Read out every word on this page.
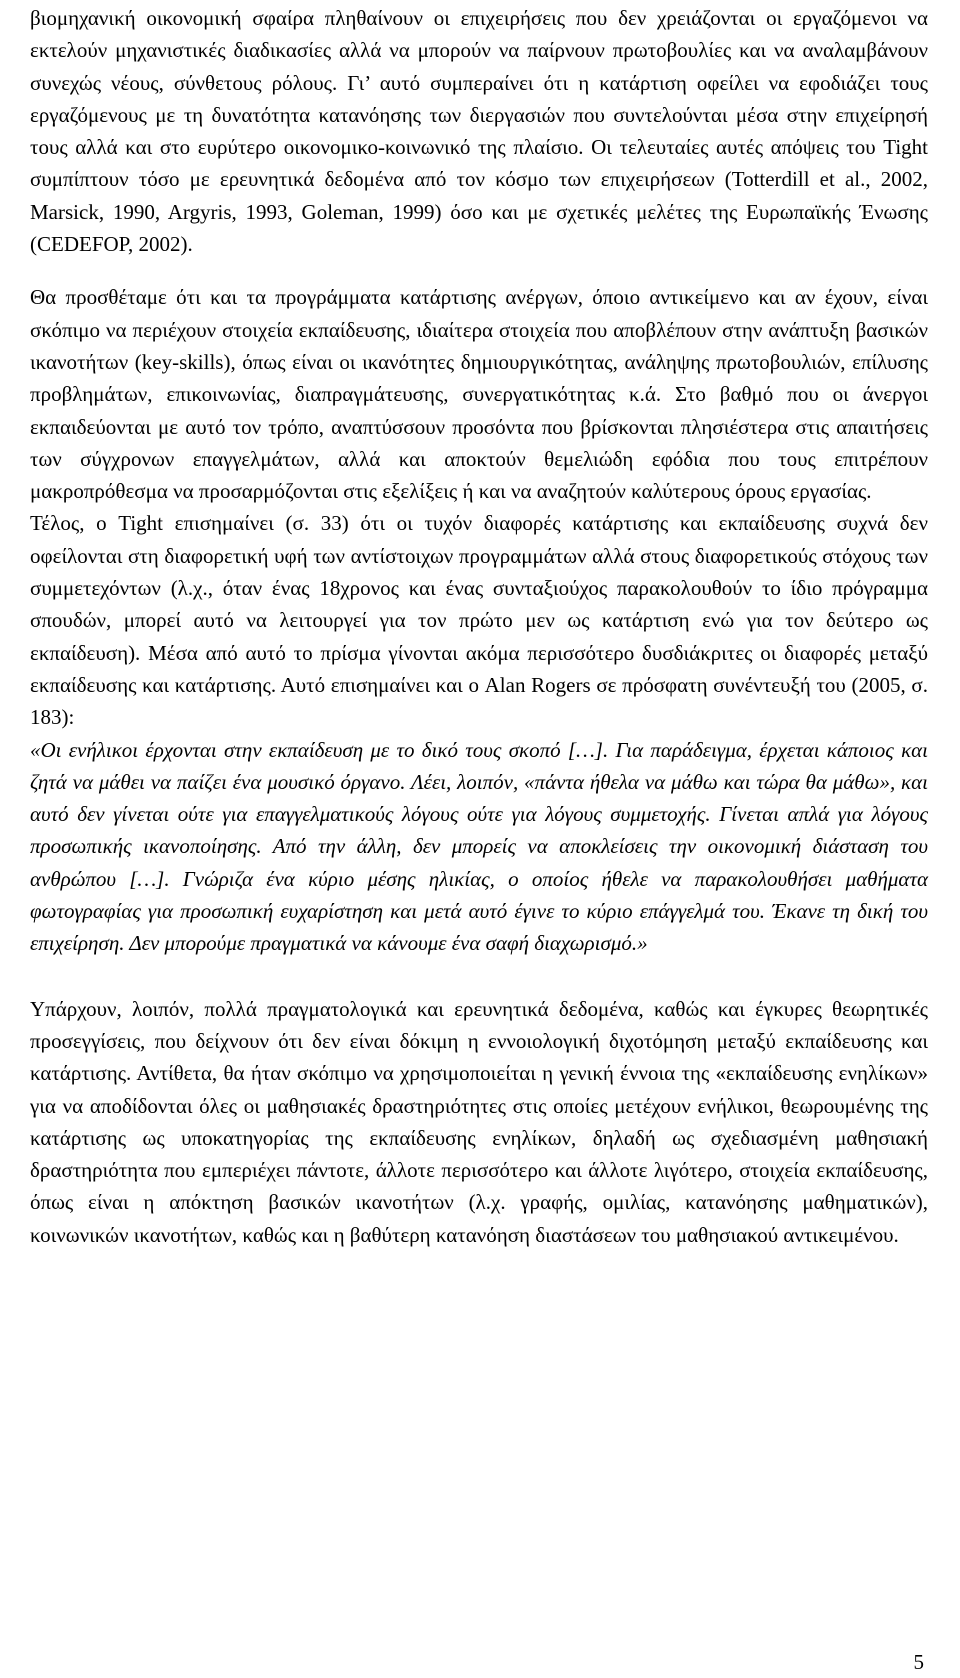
βιομηχανική οικονομική σφαίρα πληθαίνουν οι επιχειρήσεις που δεν χρειάζονται οι εργαζόμενοι να εκτελούν μηχανιστικές διαδικασίες αλλά να μπορούν να παίρνουν πρωτοβουλίες και να αναλαμβάνουν συνεχώς νέους, σύνθετους ρόλους. Γι’ αυτό συμπεραίνει ότι η κατάρτιση οφείλει να εφοδιάζει τους εργαζόμενους με τη δυνατότητα κατανόησης των διεργασιών που συντελούνται μέσα στην επιχείρησή τους αλλά και στο ευρύτερο οικονομικο-κοινωνικό της πλαίσιο. Οι τελευταίες αυτές απόψεις του Tight συμπίπτουν τόσο με ερευνητικά δεδομένα από τον κόσμο των επιχειρήσεων (Totterdill et al., 2002, Marsick, 1990, Argyris, 1993, Goleman, 1999) όσο και με σχετικές μελέτες της Ευρωπαϊκής Ένωσης (CEDEFOP, 2002).

Θα προσθέταμε ότι και τα προγράμματα κατάρτισης ανέργων, όποιο αντικείμενο και αν έχουν, είναι σκόπιμο να περιέχουν στοιχεία εκπαίδευσης, ιδιαίτερα στοιχεία που αποβλέπουν στην ανάπτυξη βασικών ικανοτήτων (key-skills), όπως είναι οι ικανότητες δημιουργικότητας, ανάληψης πρωτοβουλιών, επίλυσης προβλημάτων, επικοινωνίας, διαπραγμάτευσης, συνεργατικότητας κ.ά. Στο βαθμό που οι άνεργοι εκπαιδεύονται με αυτό τον τρόπο, αναπτύσσουν προσόντα που βρίσκονται πλησιέστερα στις απαιτήσεις των σύγχρονων επαγγελμάτων, αλλά και αποκτούν θεμελιώδη εφόδια που τους επιτρέπουν μακροπρόθεσμα να προσαρμόζονται στις εξελίξεις ή και να αναζητούν καλύτερους όρους εργασίας.

Τέλος, ο Tight επισημαίνει (σ. 33) ότι οι τυχόν διαφορές κατάρτισης και εκπαίδευσης συχνά δεν οφείλονται στη διαφορετική υφή των αντίστοιχων προγραμμάτων αλλά στους διαφορετικούς στόχους των συμμετεχόντων (λ.χ., όταν ένας 18χρονος και ένας συνταξιούχος παρακολουθούν το ίδιο πρόγραμμα σπουδών, μπορεί αυτό να λειτουργεί για τον πρώτο μεν ως κατάρτιση ενώ για τον δεύτερο ως εκπαίδευση). Μέσα από αυτό το πρίσμα γίνονται ακόμα περισσότερο δυσδιάκριτες οι διαφορές μεταξύ εκπαίδευσης και κατάρτισης. Αυτό επισημαίνει και ο Alan Rogers σε πρόσφατη συνέντευξή του (2005, σ. 183):

«Οι ενήλικοι έρχονται στην εκπαίδευση με το δικό τους σκοπό […]. Για παράδειγμα, έρχεται κάποιος και ζητά να μάθει να παίζει ένα μουσικό όργανο. Λέει, λοιπόν, «πάντα ήθελα να μάθω και τώρα θα μάθω», και αυτό δεν γίνεται ούτε για επαγγελματικούς λόγους ούτε για λόγους συμμετοχής. Γίνεται απλά για λόγους προσωπικής ικανοποίησης. Από την άλλη, δεν μπορείς να αποκλείσεις την οικονομική διάσταση του ανθρώπου […]. Γνώριζα ένα κύριο μέσης ηλικίας, ο οποίος ήθελε να παρακολουθήσει μαθήματα φωτογραφίας για προσωπική ευχαρίστηση και μετά αυτό έγινε το κύριο επάγγελμά του. Έκανε τη δική του επιχείρηση. Δεν μπορούμε πραγματικά να κάνουμε ένα σαφή διαχωρισμό.»

Υπάρχουν, λοιπόν, πολλά πραγματολογικά και ερευνητικά δεδομένα, καθώς και έγκυρες θεωρητικές προσεγγίσεις, που δείχνουν ότι δεν είναι δόκιμη η εννοιολογική διχοτόμηση μεταξύ εκπαίδευσης και κατάρτισης. Αντίθετα, θα ήταν σκόπιμο να χρησιμοποιείται η γενική έννοια της «εκπαίδευσης ενηλίκων» για να αποδίδονται όλες οι μαθησιακές δραστηριότητες στις οποίες μετέχουν ενήλικοι, θεωρουμένης της κατάρτισης ως υποκατηγορίας της εκπαίδευσης ενηλίκων, δηλαδή ως σχεδιασμένη μαθησιακή δραστηριότητα που εμπεριέχει πάντοτε, άλλοτε περισσότερο και άλλοτε λιγότερο, στοιχεία εκπαίδευσης, όπως είναι η απόκτηση βασικών ικανοτήτων (λ.χ. γραφής, ομιλίας, κατανόησης μαθηματικών), κοινωνικών ικανοτήτων, καθώς και η βαθύτερη κατανόηση διαστάσεων του μαθησιακού αντικειμένου.

5
